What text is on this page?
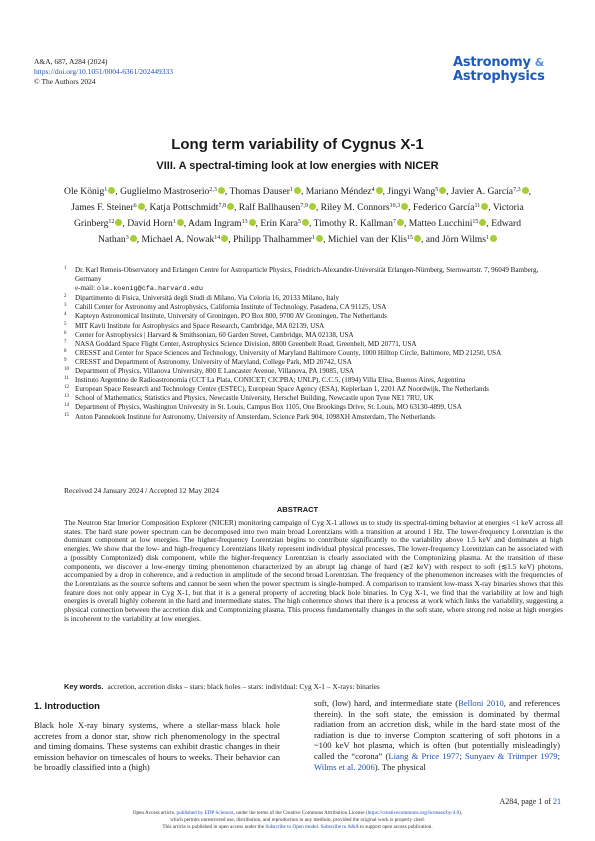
A&A, 687, A284 (2024)
https://doi.org/10.1051/0004-6361/202449333
© The Authors 2024
Astronomy &
Astrophysics
Long term variability of Cygnus X-1
VIII. A spectral-timing look at low energies with NICER
Ole König$^1$ , Guglielmo Mastroserio$^{2,3}$ , Thomas Dauser$^1$ , Mariano Méndez$^4$ , Jingyi Wang$^5$ , Javier A. García$^{7,3}$ , James F. Steiner$^6$ , Katja Pottschmidt$^{7,8}$ , Ralf Ballhausen$^{7,9}$ , Riley M. Connors$^{10,3}$ , Federico García$^{11}$ , Victoria Grinberg$^{12}$ , David Horn$^1$ , Adam Ingram$^{13}$ , Erin Kara$^5$ , Timothy R. Kallman$^7$ , Matteo Lucchini$^{15}$ , Edward Nathan$^3$ , Michael A. Nowak$^{14}$ , Philipp Thalhammer$^1$ , Michiel van der Klis$^{15}$ , and Jörn Wilms$^1$
1 Dr. Karl Remeis-Observatory and Erlangen Centre for Astroparticle Physics, Friedrich-Alexander-Universität Erlangen-Nürnberg, Sternwartstr. 7, 96049 Bamberg, Germany
e-mail: ole.koenig@cfa.harvard.edu
2 Dipartimento di Fisica, Università degli Studi di Milano, Via Celoria 16, 20133 Milano, Italy
3 Cahill Center for Astronomy and Astrophysics, California Institute of Technology, Pasadena, CA 91125, USA
4 Kapteyn Astronomical Institute, University of Groningen, PO Box 800, 9700 AV Groningen, The Netherlands
5 MIT Kavli Institute for Astrophysics and Space Research, Cambridge, MA 02139, USA
6 Center for Astrophysics | Harvard & Smithsonian, 60 Garden Street, Cambridge, MA 02138, USA
7 NASA Goddard Space Flight Center, Astrophysics Science Division, 8800 Greenbelt Road, Greenbelt, MD 20771, USA
8 CRESST and Center for Space Sciences and Technology, University of Maryland Baltimore County, 1000 Hilltop Circle, Baltimore, MD 21250, USA
9 CRESST and Department of Astronomy, University of Maryland, College Park, MD 20742, USA
10 Department of Physics, Villanova University, 800 E Lancaster Avenue, Villanova, PA 19085, USA
11 Instituto Argentino de Radioastronomía (CCT La Plata, CONICET; CICPBA; UNLP), C.C.5, (1894) Villa Elisa, Buenos Aires, Argentina
12 European Space Research and Technology Centre (ESTEC), European Space Agency (ESA), Keplerlaan 1, 2201 AZ Noordwijk, The Netherlands
13 School of Mathematics, Statistics and Physics, Newcastle University, Herschel Building, Newcastle upon Tyne NE1 7RU, UK
14 Department of Physics, Washington University in St. Louis, Campus Box 1105, One Brookings Drive, St. Louis, MO 63130-4899, USA
15 Anton Pannekoek Institute for Astronomy, University of Amsterdam, Science Park 904, 1098XH Amsterdam, The Netherlands
Received 24 January 2024 / Accepted 12 May 2024
ABSTRACT
The Neutron Star Interior Composition Explorer (NICER) monitoring campaign of Cyg X-1 allows us to study its spectral-timing behavior at energies <1 keV across all states. The hard state power spectrum can be decomposed into two main broad Lorentzians with a transition at around 1 Hz. The lower-frequency Lorentzian is the dominant component at low energies. The higher-frequency Lorentzian begins to contribute significantly to the variability above 1.5 keV and dominates at high energies. We show that the low- and high-frequency Lorentzians likely represent individual physical processes. The lower-frequency Lorentzian can be associated with a (possibly Comptonized) disk component, while the higher-frequency Lorentzian is clearly associated with the Comptonizing plasma. At the transition of these components, we discover a low-energy timing phenomenon characterized by an abrupt lag change of hard (≳2 keV) with respect to soft (≲1.5 keV) photons, accompanied by a drop in coherence, and a reduction in amplitude of the second broad Lorentzian. The frequency of the phenomenon increases with the frequencies of the Lorentzians as the source softens and cannot be seen when the power spectrum is single-humped. A comparison to transient low-mass X-ray binaries shows that this feature does not only appear in Cyg X-1, but that it is a general property of accreting black hole binaries. In Cyg X-1, we find that the variability at low and high energies is overall highly coherent in the hard and intermediate states. The high coherence shows that there is a process at work which links the variability, suggesting a physical connection between the accretion disk and Comptonizing plasma. This process fundamentally changes in the soft state, where strong red noise at high energies is incoherent to the variability at low energies.
Key words. accretion, accretion disks – stars: black holes – stars: individual: Cyg X-1 – X-rays: binaries
1. Introduction
Black hole X-ray binary systems, where a stellar-mass black hole accretes from a donor star, show rich phenomenology in the spectral and timing domains. These systems can exhibit drastic changes in their emission behavior on timescales of hours to weeks. Their behavior can be broadly classified into a (high)
soft, (low) hard, and intermediate state (Belloni 2010, and references therein). In the soft state, the emission is dominated by thermal radiation from an accretion disk, while in the hard state most of the radiation is due to inverse Compton scattering of soft photons in a ~100 keV hot plasma, which is often (but potentially misleadingly) called the “corona” (Liang & Price 1977; Sunyaev & Trümper 1979; Wilms et al. 2006). The physical
A284, page 1 of 21
Open Access article, published by EDP Sciences, under the terms of the Creative Commons Attribution License (https://creativecommons.org/licenses/by/4.0),
which permits unrestricted use, distribution, and reproduction in any medium, provided the original work is properly cited.
This article is published in open access under the Subscribe to Open model. Subscribe to A&A to support open access publication.
